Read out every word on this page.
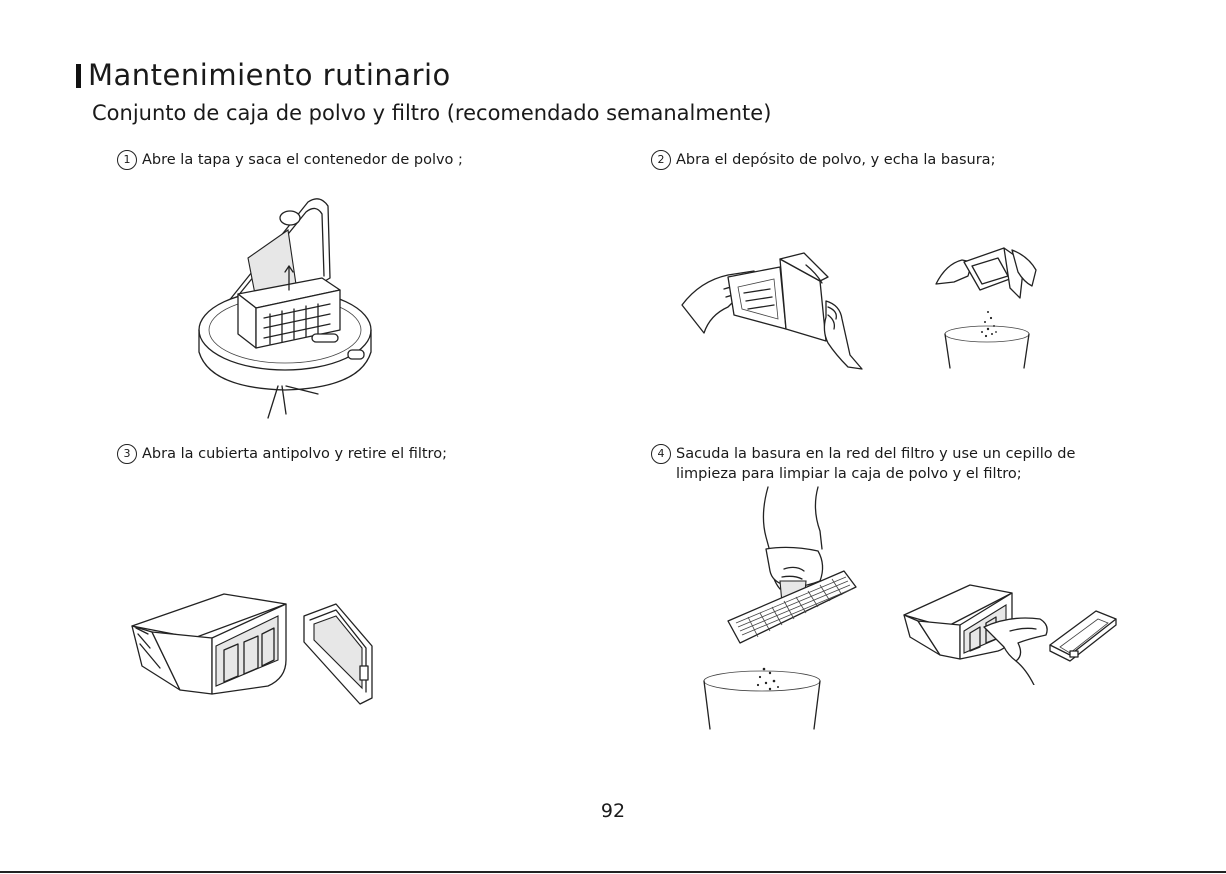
Mantenimiento rutinario
Conjunto de caja de polvo y filtro (recomendado semanalmente)
1 Abre la tapa y saca el contenedor de polvo ;	2 Abra el depósito de polvo, y echa la basura;
3 Abra la cubierta antipolvo y retire el filtro;	4 Sacuda la basura en la red del filtro y use un cepillo de
limpieza para limpiar la caja de polvo y el filtro;
92
